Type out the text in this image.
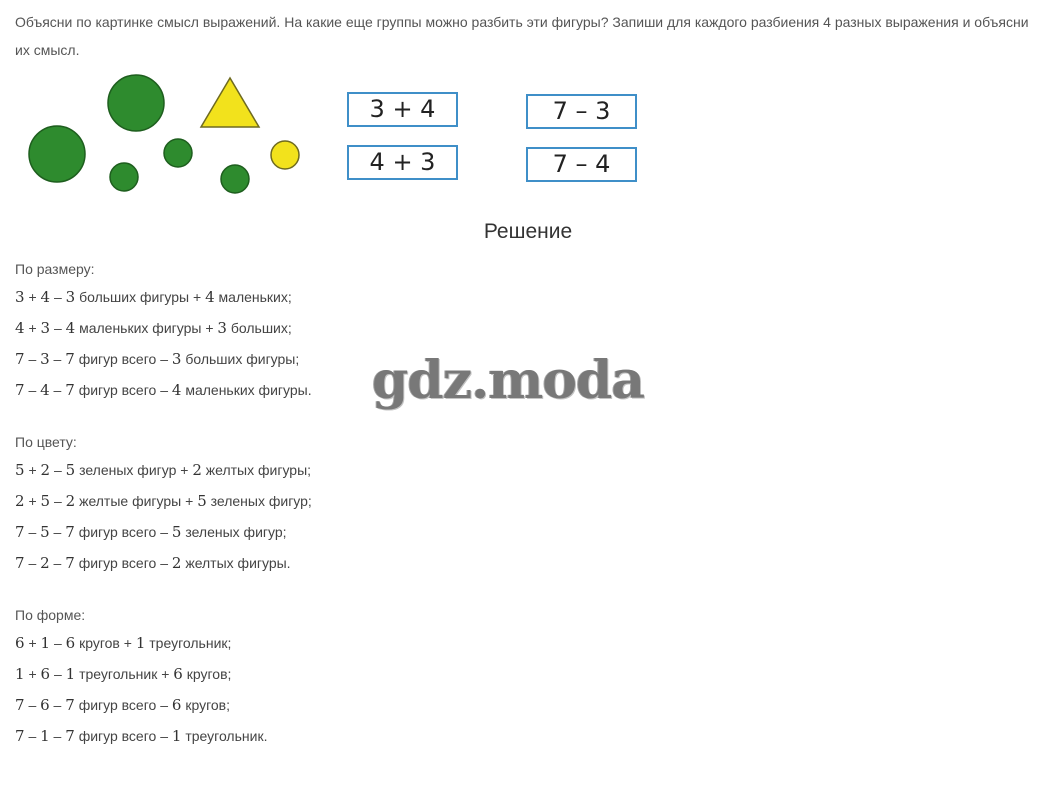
Объясни по картинке смысл выражений. На какие еще группы можно разбить эти фигуры? Запиши для каждого разбиения 4 разных выражения и объясни их смысл.
3 + 4
4 + 3
7 – 3
7 – 4
Решение
По размеру:
3 + 4 – 3 больших фигуры + 4 маленьких;
4 + 3 – 4 маленьких фигуры + 3 больших;
7 – 3 – 7 фигур всего – 3 больших фигуры;
7 – 4 – 7 фигур всего – 4 маленьких фигуры.
По цвету:
5 + 2 – 5 зеленых фигур + 2 желтых фигуры;
2 + 5 – 2 желтые фигуры + 5 зеленых фигур;
7 – 5 – 7 фигур всего – 5 зеленых фигур;
7 – 2 – 7 фигур всего – 2 желтых фигуры.
По форме:
6 + 1 – 6 кругов + 1 треугольник;
1 + 6 – 1 треугольник + 6 кругов;
7 – 6 – 7 фигур всего – 6 кругов;
7 – 1 – 7 фигур всего – 1 треугольник.
gdz.moda
